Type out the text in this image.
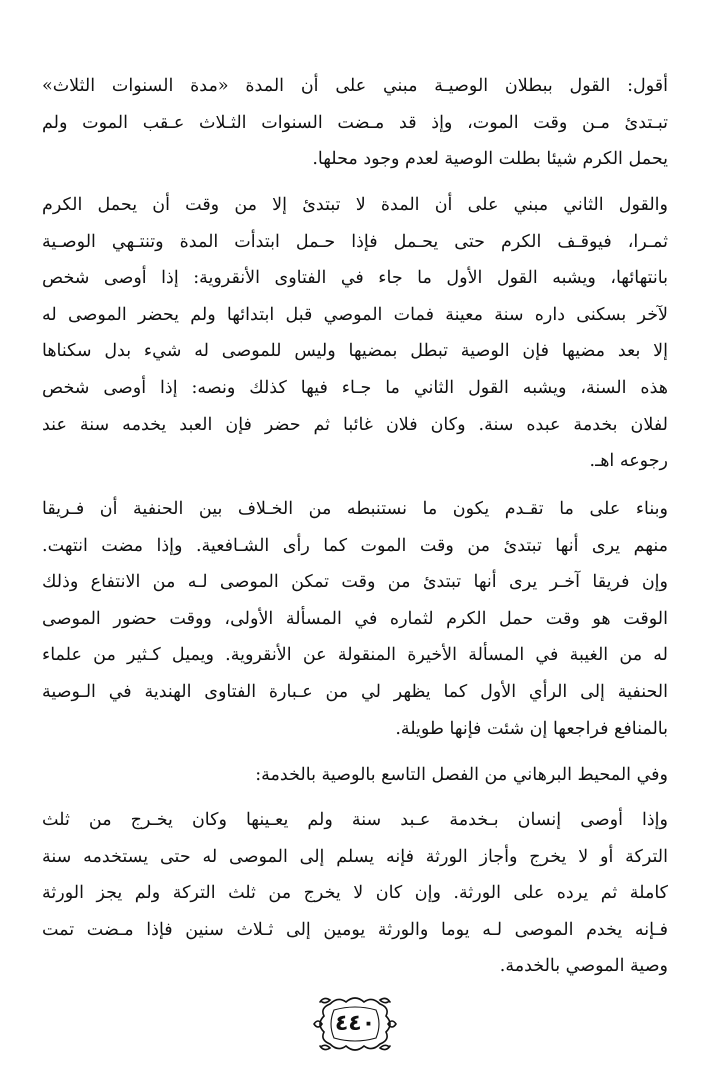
أقول: القول ببطلان الوصيـة مبني على أن المدة «مدة السنوات الثلاث»
تبـتدئ مـن وقت الموت، وإذ قد مـضت السنوات الثـلاث عـقب الموت ولم
يحمل الكرم شيئا بطلت الوصية لعدم وجود محلها.
والقول الثاني مبني على أن المدة لا تبتدئ إلا من وقت أن يحمل الكرم
ثمـرا، فيوقـف الكرم حتى يحـمل فإذا حـمل ابتدأت المدة وتنتـهي الوصـية
بانتهائها، ويشبه القول الأول ما جاء في الفتاوى الأنقروية: إذا أوصى شخص
لآخر بسكنى داره سنة معينة فمات الموصي قبل ابتدائها ولم يحضر الموصى له
إلا بعد مضيها فإن الوصية تبطل بمضيها وليس للموصى له شيء بدل سكناها
هذه السنة، ويشبه القول الثاني ما جـاء فيها كذلك ونصه: إذا أوصى شخص
لفلان بخدمة عبده سنة. وكان فلان غائبا ثم حضر فإن العبد يخدمه سنة عند
رجوعه اهـ.
وبناء على ما تقـدم يكون ما نستنبطه من الخـلاف بين الحنفية أن فـريقا
منهم يرى أنها تبتدئ من وقت الموت كما رأى الشـافعية. وإذا مضت انتهت.
وإن فريقا آخـر يرى أنها تبتدئ من وقت تمكن الموصى لـه من الانتفاع وذلك
الوقت هو وقت حمل الكرم لثماره في المسألة الأولى، ووقت حضور الموصى
له من الغيبة في المسألة الأخيرة المنقولة عن الأنقروية. ويميل كـثير من علماء
الحنفية إلى الرأي الأول كما يظهر لي من عـبارة الفتاوى الهندية في الـوصية
بالمنافع فراجعها إن شئت فإنها طويلة.
وفي المحيط البرهاني من الفصل التاسع بالوصية بالخدمة:
وإذا أوصى إنسان بـخدمة عـبد سنة ولم يعـينها وكان يخـرج من ثلث
التركة أو لا يخرج وأجاز الورثة فإنه يسلم إلى الموصى له حتى يستخدمه سنة
كاملة ثم يرده على الورثة. وإن كان لا يخرج من ثلث التركة ولم يجز الورثة
فـإنه يخدم الموصى لـه يوما والورثة يومين إلى ثـلاث سنين فإذا مـضت تمت
وصية الموصي بالخدمة.
٤٤٠
